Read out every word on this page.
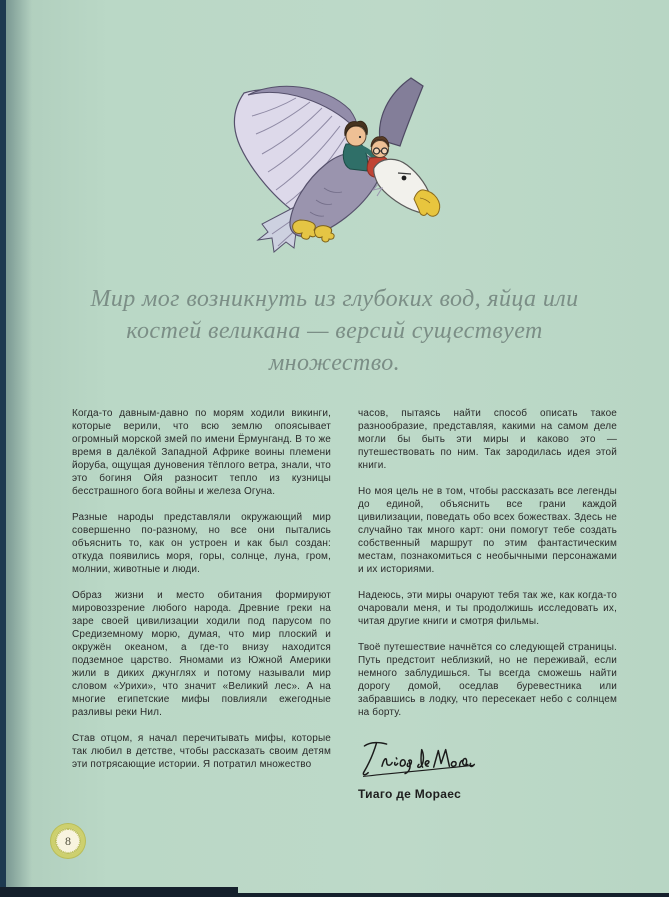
Мир мог возникнуть из глубоких вод, яйца или костей великана — версий существует множество.

Когда-то давным-давно по морям ходили викинги, которые верили, что всю землю опоясывает огромный морской змей по имени Ёрмунганд. В то же время в далёкой Западной Африке воины племени йоруба, ощущая дуновения тёплого ветра, знали, что это богиня Ойя разносит тепло из кузницы бесстрашного бога войны и железа Огуна.

Разные народы представляли окружающий мир совершенно по-разному, но все они пытались объяснить то, как он устроен и как был создан: откуда появились моря, горы, солнце, луна, гром, молнии, животные и люди.

Образ жизни и место обитания формируют мировоззрение любого народа. Древние греки на заре своей цивилизации ходили под парусом по Средиземному морю, думая, что мир плоский и окружён океаном, а где-то внизу находится подземное царство. Яномами из Южной Америки жили в диких джунглях и потому называли мир словом «Урихи», что значит «Великий лес». А на многие египетские мифы повлияли ежегодные разливы реки Нил.

Став отцом, я начал перечитывать мифы, которые так любил в детстве, чтобы рассказать своим детям эти потрясающие истории. Я потратил множество

часов, пытаясь найти способ описать такое разнообразие, представляя, какими на самом деле могли бы быть эти миры и каково это — путешествовать по ним. Так зародилась идея этой книги.

Но моя цель не в том, чтобы рассказать все легенды до единой, объяснить все грани каждой цивилизации, поведать обо всех божествах. Здесь не случайно так много карт: они помогут тебе создать собственный маршрут по этим фантастическим местам, познакомиться с необычными персонажами и их историями.

Надеюсь, эти миры очаруют тебя так же, как когда-то очаровали меня, и ты продолжишь исследовать их, читая другие книги и смотря фильмы.

Твоё путешествие начнётся со следующей страницы. Путь предстоит неблизкий, но не переживай, если немного заблудишься. Ты всегда сможешь найти дорогу домой, оседлав буревестника или забравшись в лодку, что пересекает небо с солнцем на борту.

Тиаго де Мораес
8
